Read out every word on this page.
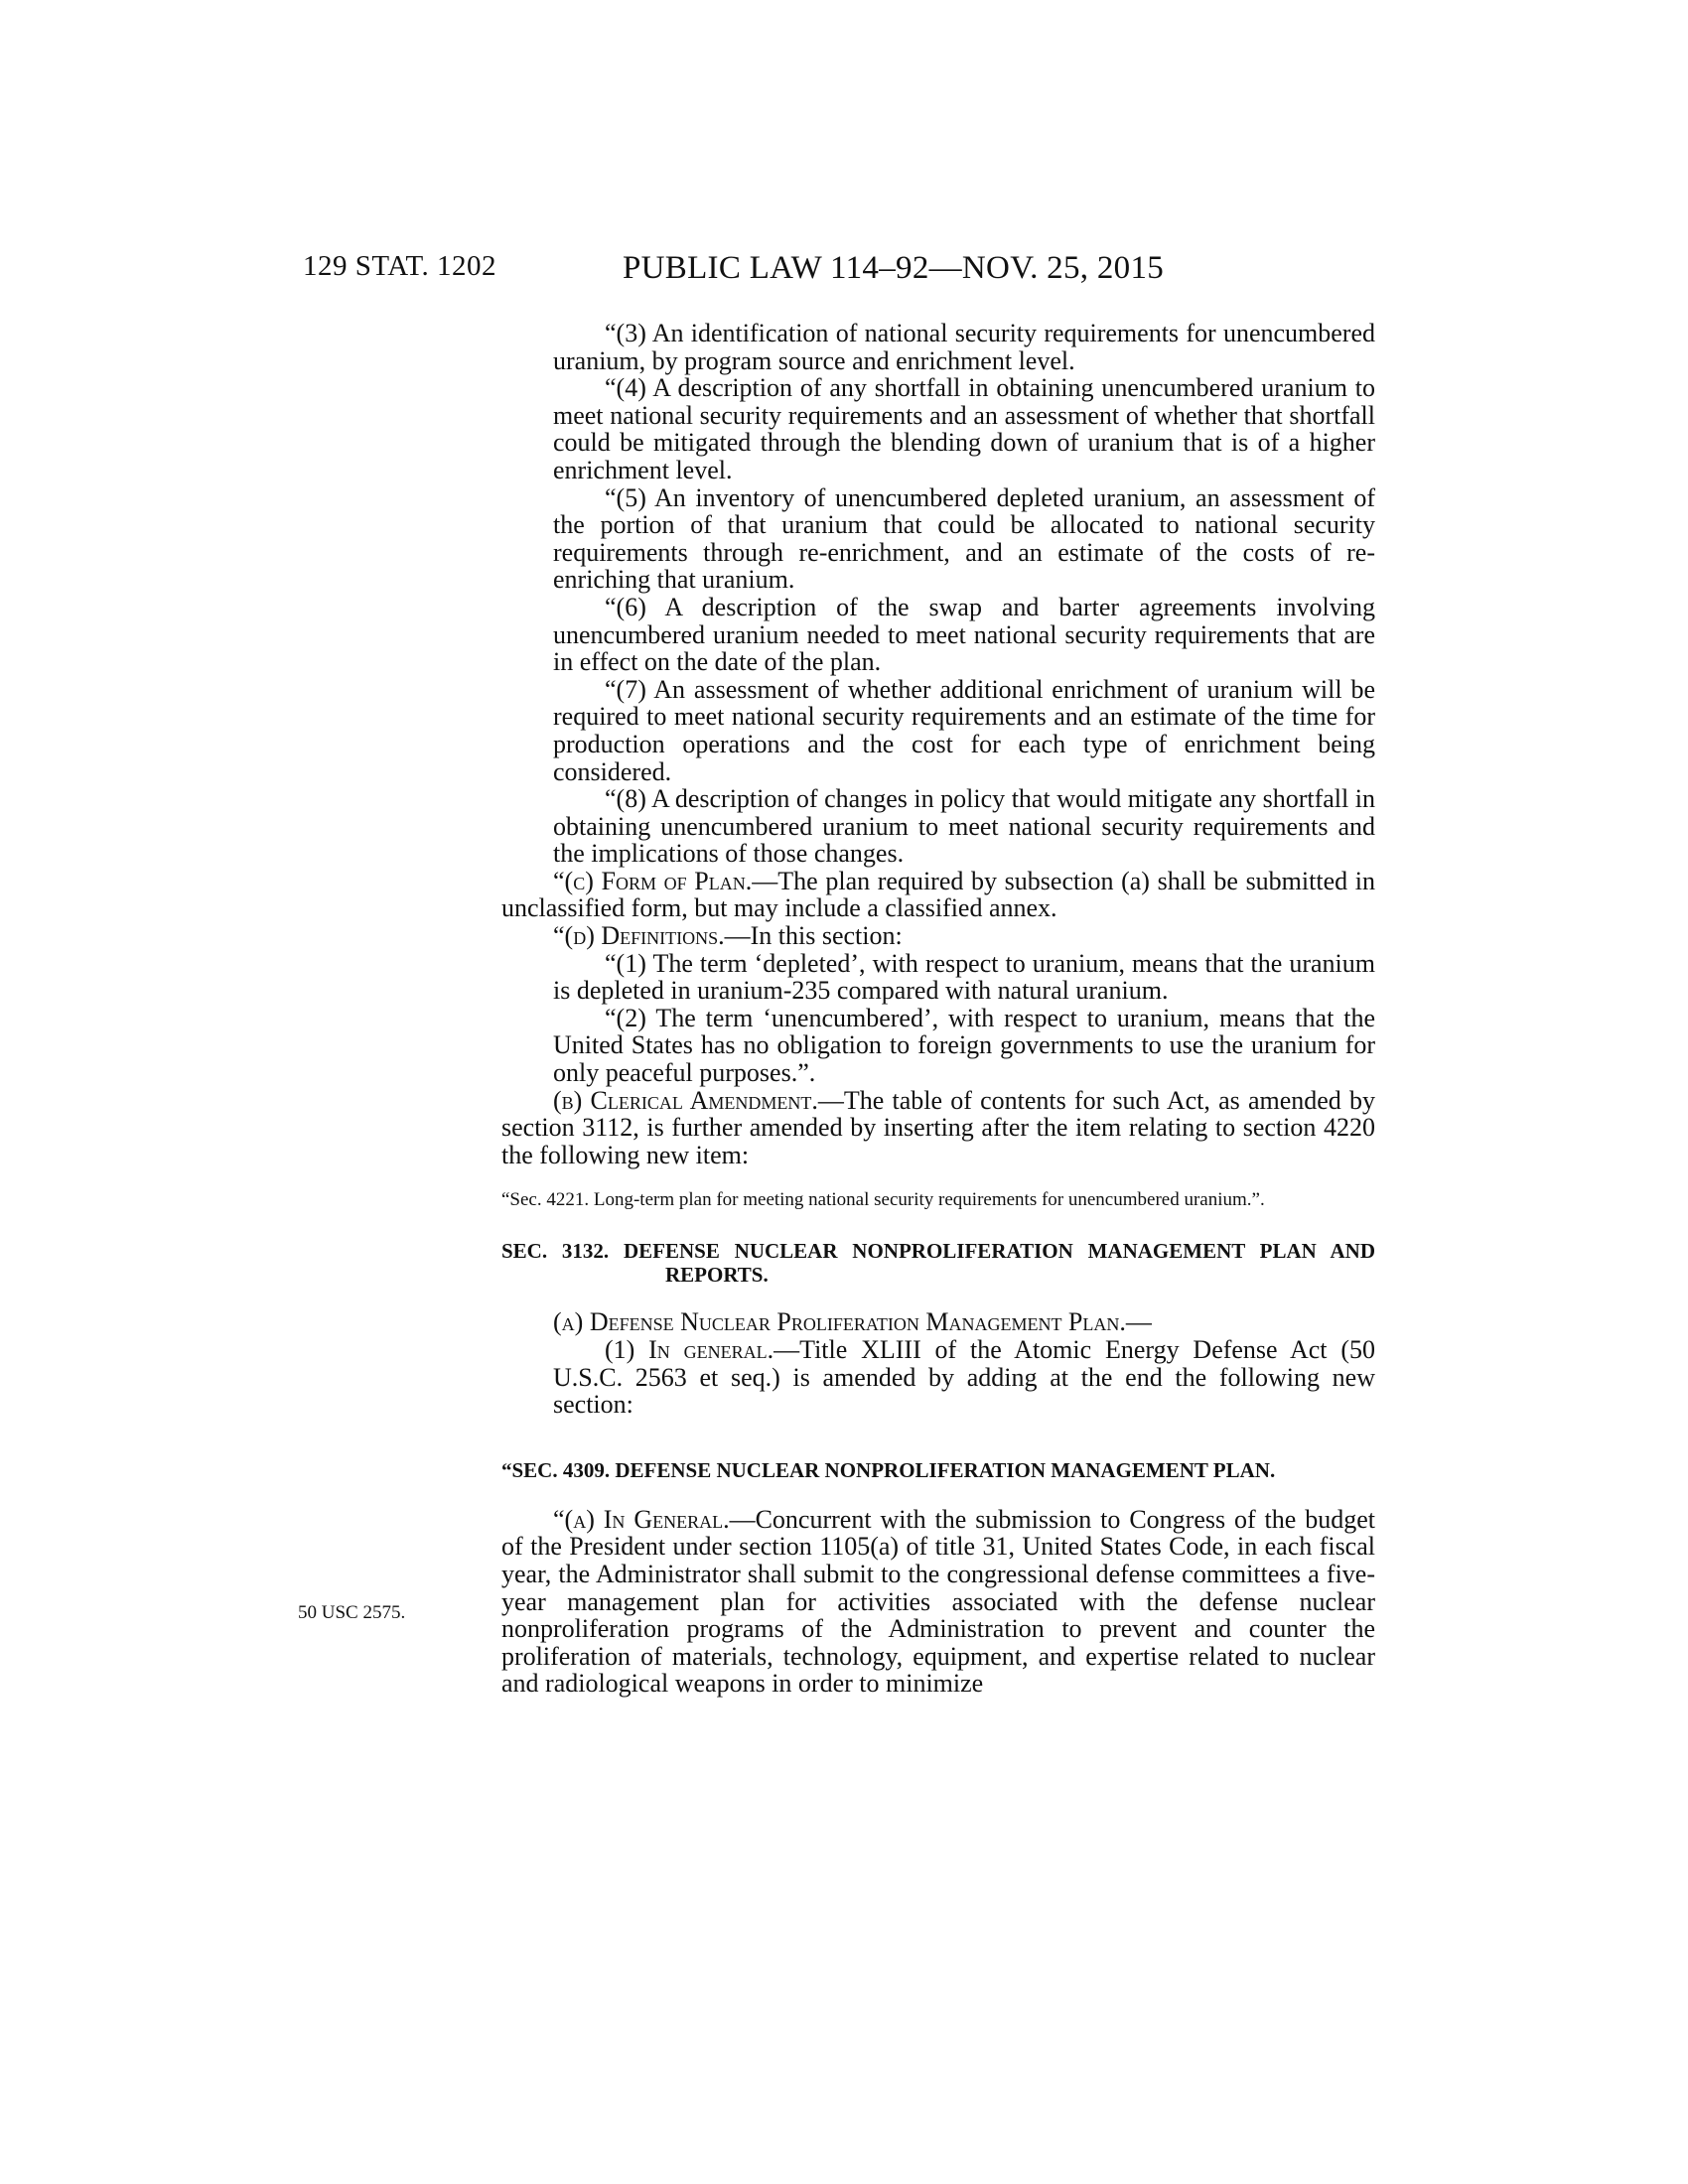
129 STAT. 1202	PUBLIC LAW 114–92—NOV. 25, 2015
50 USC 2575.

“(3) An identification of national security requirements for unencumbered uranium, by program source and enrichment level.

“(4) A description of any shortfall in obtaining unencumbered uranium to meet national security requirements and an assessment of whether that shortfall could be mitigated through the blending down of uranium that is of a higher enrichment level.

“(5) An inventory of unencumbered depleted uranium, an assessment of the portion of that uranium that could be allocated to national security requirements through re-enrichment, and an estimate of the costs of re-enriching that uranium.

“(6) A description of the swap and barter agreements involving unencumbered uranium needed to meet national security requirements that are in effect on the date of the plan.

“(7) An assessment of whether additional enrichment of uranium will be required to meet national security requirements and an estimate of the time for production operations and the cost for each type of enrichment being considered.

“(8) A description of changes in policy that would mitigate any shortfall in obtaining unencumbered uranium to meet national security requirements and the implications of those changes.

“(c) Form of Plan.—The plan required by subsection (a) shall be submitted in unclassified form, but may include a classified annex.

“(d) Definitions.—In this section:

“(1) The term ‘depleted’, with respect to uranium, means that the uranium is depleted in uranium-235 compared with natural uranium.

“(2) The term ‘unencumbered’, with respect to uranium, means that the United States has no obligation to foreign governments to use the uranium for only peaceful purposes.”.

(b) Clerical Amendment.—The table of contents for such Act, as amended by section 3112, is further amended by inserting after the item relating to section 4220 the following new item:

“Sec. 4221. Long-term plan for meeting national security requirements for unencumbered uranium.”.

SEC. 3132. DEFENSE NUCLEAR NONPROLIFERATION MANAGEMENT PLAN AND REPORTS.

(a) Defense Nuclear Proliferation Management Plan.—

(1) In general.—Title XLIII of the Atomic Energy Defense Act (50 U.S.C. 2563 et seq.) is amended by adding at the end the following new section:

“SEC. 4309. DEFENSE NUCLEAR NONPROLIFERATION MANAGEMENT PLAN.

“(a) In General.—Concurrent with the submission to Congress of the budget of the President under section 1105(a) of title 31, United States Code, in each fiscal year, the Administrator shall submit to the congressional defense committees a five-year management plan for activities associated with the defense nuclear nonproliferation programs of the Administration to prevent and counter the proliferation of materials, technology, equipment, and expertise related to nuclear and radiological weapons in order to minimize
